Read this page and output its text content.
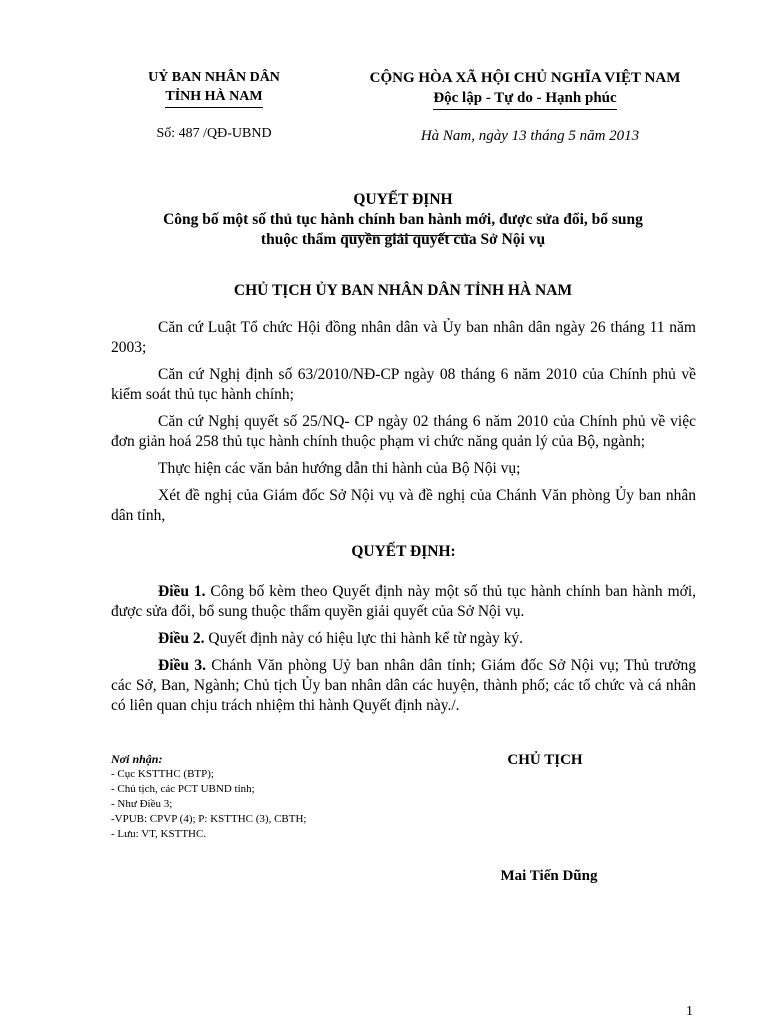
UỶ BAN NHÂN DÂN
TỈNH HÀ NAM
CỘNG HÒA XÃ HỘI CHỦ NGHĨA VIỆT NAM
Độc lập - Tự do - Hạnh phúc
Số: 487 /QĐ-UBND	Hà Nam, ngày 13 tháng 5 năm 2013
QUYẾT ĐỊNH
Công bố một số thủ tục hành chính ban hành mới, được sửa đổi, bổ sung
thuộc thẩm quyền giải quyết của Sở Nội vụ
CHỦ TỊCH ỦY BAN NHÂN DÂN TỈNH HÀ NAM

Căn cứ Luật Tổ chức Hội đồng nhân dân và Ủy ban nhân dân ngày 26 tháng 11 năm 2003;

Căn cứ Nghị định số 63/2010/NĐ-CP ngày 08 tháng 6 năm 2010 của Chính phủ về kiểm soát thủ tục hành chính;

Căn cứ Nghị quyết số 25/NQ- CP ngày 02 tháng 6 năm 2010 của Chính phủ về việc đơn giản hoá 258 thủ tục hành chính thuộc phạm vi chức năng quản lý của Bộ, ngành;

Thực hiện các văn bản hướng dẫn thi hành của Bộ Nội vụ;

Xét đề nghị của Giám đốc Sở Nội vụ và đề nghị của Chánh Văn phòng Ủy ban nhân dân tỉnh,

QUYẾT ĐỊNH:

Điều 1. Công bố kèm theo Quyết định này một số thủ tục hành chính ban hành mới, được sửa đổi, bổ sung thuộc thẩm quyền giải quyết của Sở Nội vụ.

Điều 2. Quyết định này có hiệu lực thi hành kể từ ngày ký.

Điều 3. Chánh Văn phòng Uỷ ban nhân dân tỉnh; Giám đốc Sở Nội vụ; Thủ trưởng các Sở, Ban, Ngành; Chủ tịch Ủy ban nhân dân các huyện, thành phố; các tổ chức và cá nhân có liên quan chịu trách nhiệm thi hành Quyết định này./.

Nơi nhận:
- Cục KSTTHC (BTP);
- Chủ tịch, các PCT UBND tỉnh;
- Như Điều 3;
-VPUB: CPVP (4); P: KSTTHC (3), CBTH;
- Lưu: VT, KSTTHC.
CHỦ TỊCH
Mai Tiến Dũng
1
